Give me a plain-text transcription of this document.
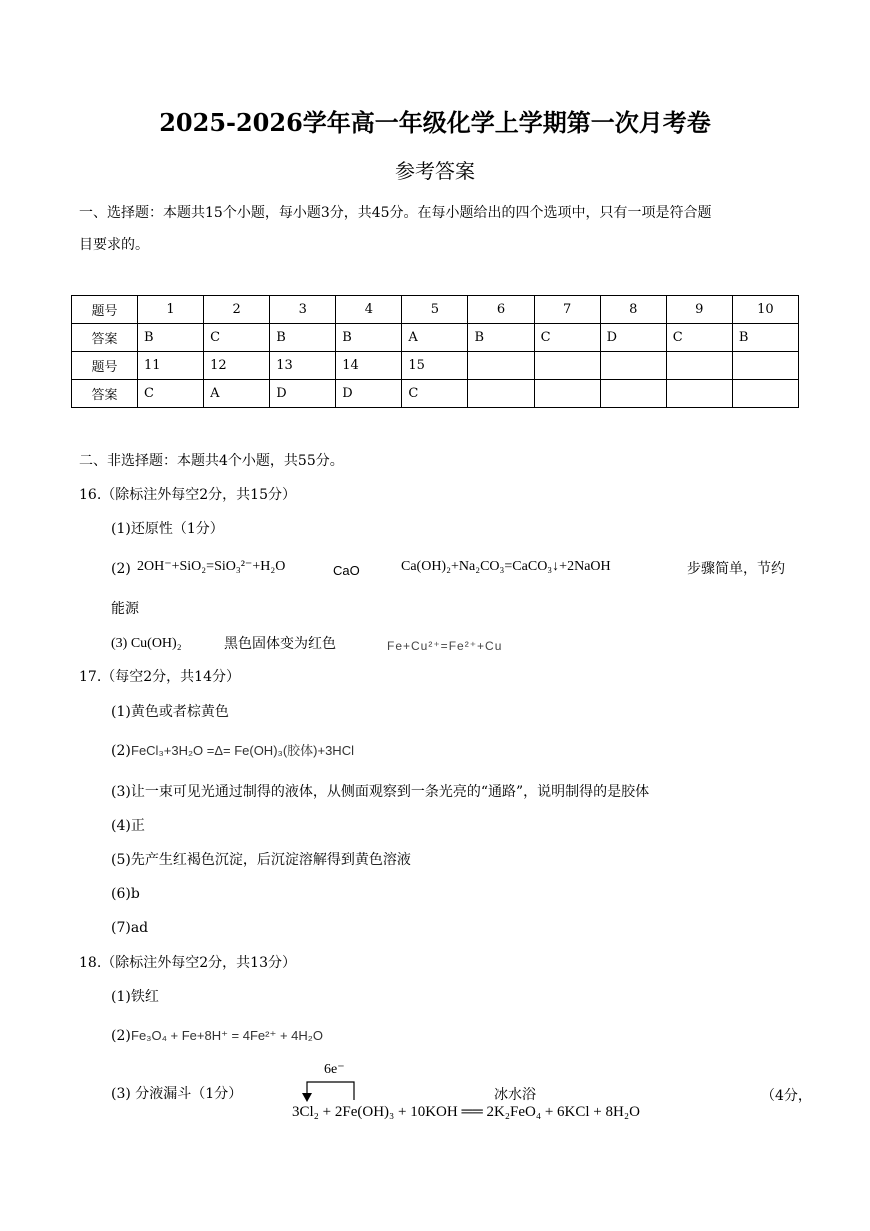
2025-2026学年高一年级化学上学期第一次月考卷
参考答案
一、选择题：本题共15个小题，每小题3分，共45分。在每小题给出的四个选项中，只有一项是符合题
目要求的。
题号	1	2	3	4	5	6	7	8	9	10
答案	B	C	B	B	A	B	C	D	C	B
题号	11	12	13	14	15					
答案	C	A	D	D	C					
二、非选择题：本题共4个小题，共55分。
16.（除标注外每空2分，共15分）
(1)还原性（1分）
(2) 2OH⁻+SiO₂=SiO₃²⁻+H₂O	CaO	Ca(OH)₂+Na₂CO₃=CaCO₃↓+2NaOH	步骤简单，节约
能源
(3) Cu(OH)₂	黑色固体变为红色	Fe+Cu²⁺=Fe²⁺+Cu
17.（每空2分，共14分）
(1)黄色或者棕黄色
(2) FeCl₃+3H₂O =Δ= Fe(OH)₃(胶体)+3HCl
(3)让一束可见光通过制得的液体，从侧面观察到一条光亮的“通路”，说明制得的是胶体
(4)正
(5)先产生红褐色沉淀，后沉淀溶解得到黄色溶液
(6)b
(7)ad
18.（除标注外每空2分，共13分）
(1)铁红
(2) Fe₃O₄ + Fe+8H⁺ = 4Fe²⁺ + 4H₂O
(3) 分液漏斗（1分）
6e⁻
冰水浴
3Cl₂ + 2Fe(OH)₃ + 10KOH ══ 2K₂FeO₄ + 6KCl + 8H₂O
（4分，
